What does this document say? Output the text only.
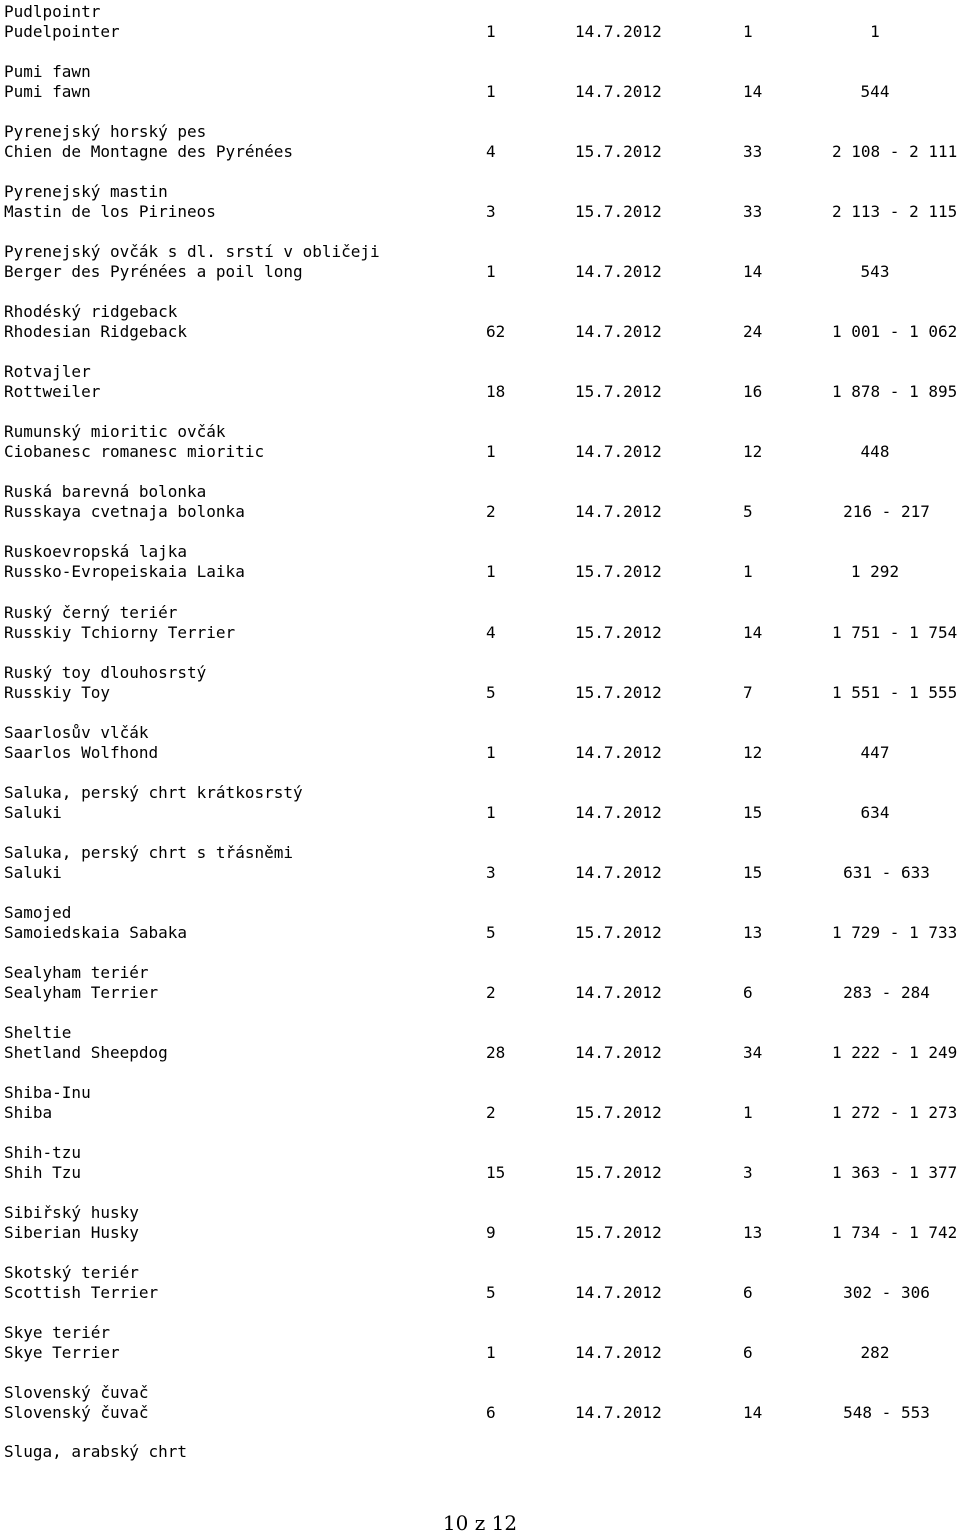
Pudlpointr
Pudelpointer	1	14.7.2012	1	1
Pumi fawn
Pumi fawn	1	14.7.2012	14	544
Pyrenejský horský pes
Chien de Montagne des Pyrénées	4	15.7.2012	33	2 108 - 2 111
Pyrenejský mastin
Mastin de los Pirineos	3	15.7.2012	33	2 113 - 2 115
Pyrenejský ovčák s dl. srstí v obličeji
Berger des Pyrénées a poil long	1	14.7.2012	14	543
Rhodéský ridgeback
Rhodesian Ridgeback	62	14.7.2012	24	1 001 - 1 062
Rotvajler
Rottweiler	18	15.7.2012	16	1 878 - 1 895
Rumunský mioritic ovčák
Ciobanesc romanesc mioritic	1	14.7.2012	12	448
Ruská barevná bolonka
Russkaya cvetnaja bolonka	2	14.7.2012	5	216 - 217
Ruskoevropská lajka
Russko-Evropeiskaia Laika	1	15.7.2012	1	1 292
Ruský černý teriér
Russkiy Tchiorny Terrier	4	15.7.2012	14	1 751 - 1 754
Ruský toy dlouhosrstý
Russkiy Toy	5	15.7.2012	7	1 551 - 1 555
Saarlosův vlčák
Saarlos Wolfhond	1	14.7.2012	12	447
Saluka, perský chrt krátkosrstý
Saluki	1	14.7.2012	15	634
Saluka, perský chrt s třásněmi
Saluki	3	14.7.2012	15	631 - 633
Samojed
Samoiedskaia Sabaka	5	15.7.2012	13	1 729 - 1 733
Sealyham teriér
Sealyham Terrier	2	14.7.2012	6	283 - 284
Sheltie
Shetland Sheepdog	28	14.7.2012	34	1 222 - 1 249
Shiba-Inu
Shiba	2	15.7.2012	1	1 272 - 1 273
Shih-tzu
Shih Tzu	15	15.7.2012	3	1 363 - 1 377
Sibiřský husky
Siberian Husky	9	15.7.2012	13	1 734 - 1 742
Skotský teriér
Scottish Terrier	5	14.7.2012	6	302 - 306
Skye teriér
Skye Terrier	1	14.7.2012	6	282
Slovenský čuvač
Slovenský čuvač	6	14.7.2012	14	548 - 553
Sluga, arabský chrt
10 z 12
